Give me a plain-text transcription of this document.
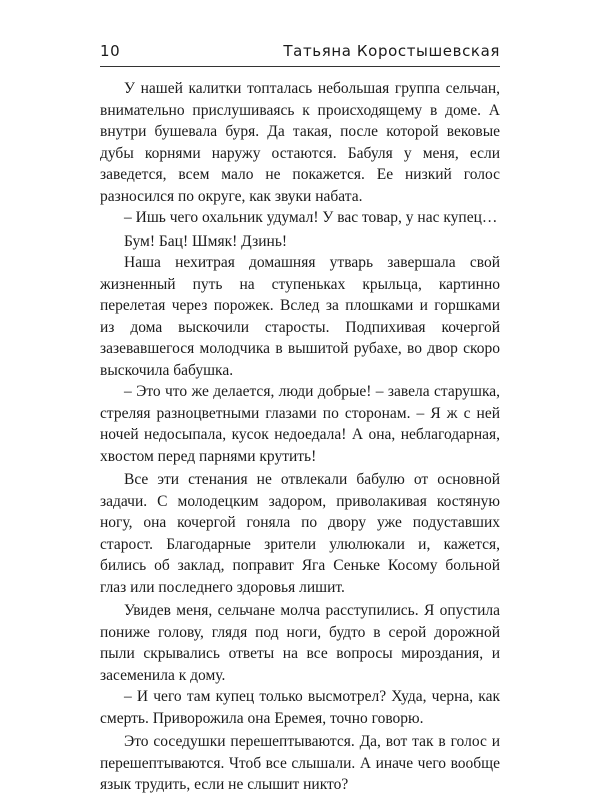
10	Татьяна Коростышевская

У нашей калитки топталась небольшая группа сельчан, внимательно прислушиваясь к происходящему в доме. А внутри бушевала буря. Да такая, после которой вековые дубы корнями наружу остаются. Бабуля у меня, если заведется, всем мало не покажется. Ее низкий голос разносился по округе, как звуки набата.

– Ишь чего охальник удумал! У вас товар, у нас купец…

Бум! Бац! Шмяк! Дзинь!

Наша нехитрая домашняя утварь завершала свой жизненный путь на ступеньках крыльца, картинно перелетая через порожек. Вслед за плошками и горшками из дома выскочили старосты. Подпихивая кочергой зазевавшегося молодчика в вышитой рубахе, во двор скоро выскочила бабушка.

– Это что же делается, люди добрые! – завела старушка, стреляя разноцветными глазами по сторонам. – Я ж с ней ночей недосыпала, кусок недоедала! А она, неблагодарная, хвостом перед парнями крутить!

Все эти стенания не отвлекали бабулю от основной задачи. С молодецким задором, приволакивая костяную ногу, она кочергой гоняла по двору уже подуставших старост. Благодарные зрители улюлюкали и, кажется, бились об заклад, поправит Яга Сеньке Косому больной глаз или последнего здоровья лишит.

Увидев меня, сельчане молча расступились. Я опустила пониже голову, глядя под ноги, будто в серой дорожной пыли скрывались ответы на все вопросы мироздания, и засеменила к дому.

– И чего там купец только высмотрел? Худа, черна, как смерть. Приворожила она Еремея, точно говорю.

Это соседушки перешептываются. Да, вот так в голос и перешептываются. Чтоб все слышали. А иначе чего вообще язык трудить, если не слышит никто?
